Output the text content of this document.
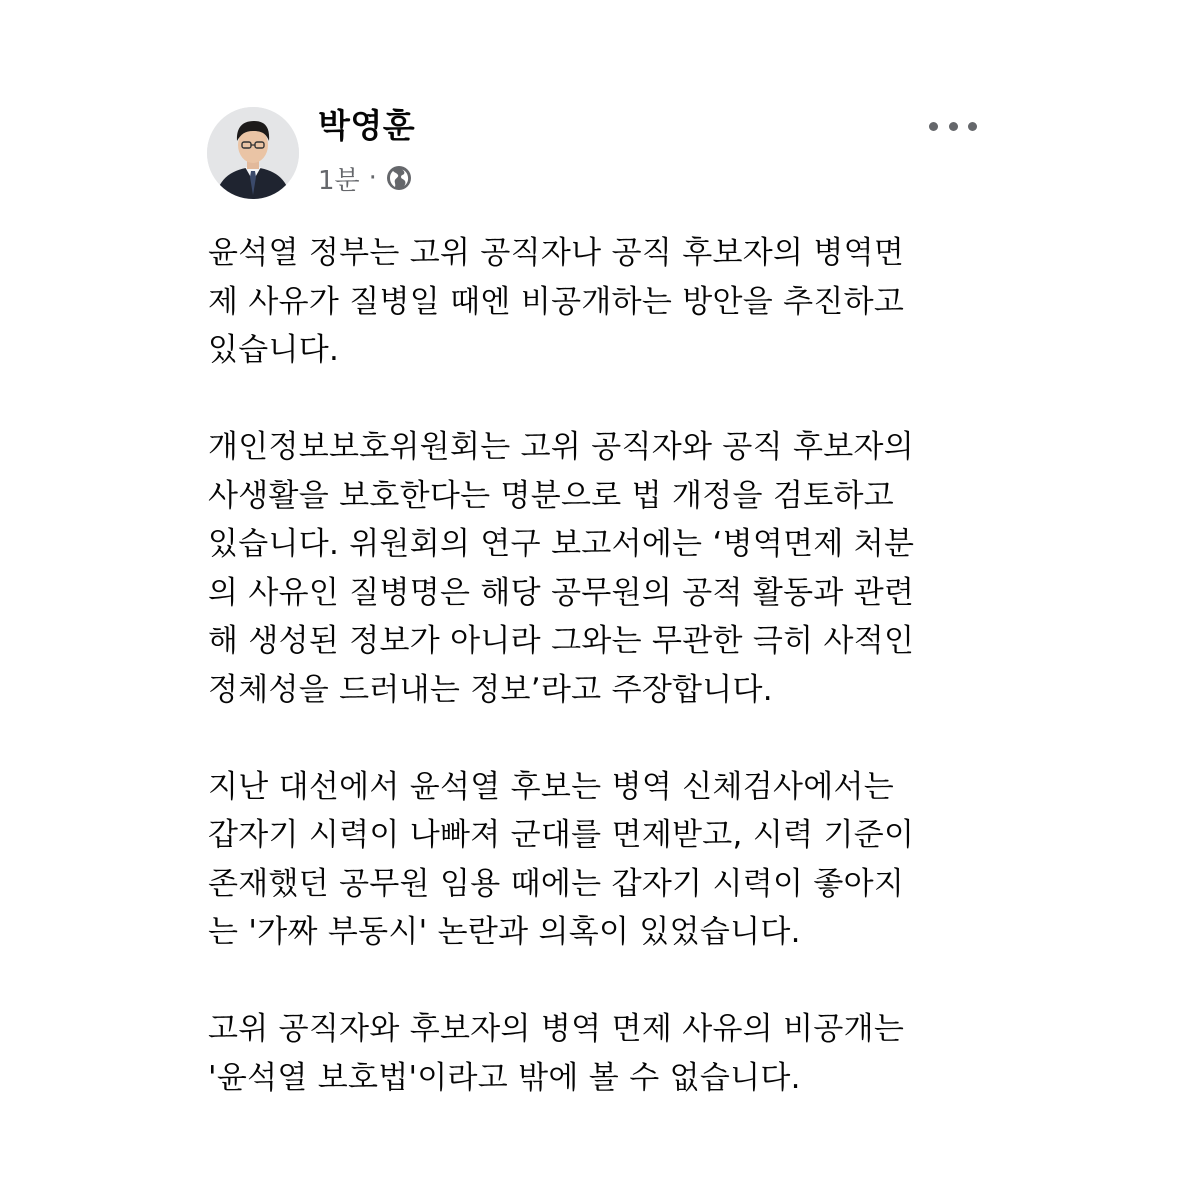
박영훈
1분 ·

윤석열 정부는 고위 공직자나 공직 후보자의 병역면
제 사유가 질병일 때엔 비공개하는 방안을 추진하고
있습니다.

개인정보보호위원회는 고위 공직자와 공직 후보자의
사생활을 보호한다는 명분으로 법 개정을 검토하고
있습니다. 위원회의 연구 보고서에는 ‘병역면제 처분
의 사유인 질병명은 해당 공무원의 공적 활동과 관련
해 생성된 정보가 아니라 그와는 무관한 극히 사적인
정체성을 드러내는 정보’라고 주장합니다.

지난 대선에서 윤석열 후보는 병역 신체검사에서는
갑자기 시력이 나빠져 군대를 면제받고, 시력 기준이
존재했던 공무원 임용 때에는 갑자기 시력이 좋아지
는 '가짜 부동시' 논란과 의혹이 있었습니다.

고위 공직자와 후보자의 병역 면제 사유의 비공개는
'윤석열 보호법'이라고 밖에 볼 수 없습니다.
